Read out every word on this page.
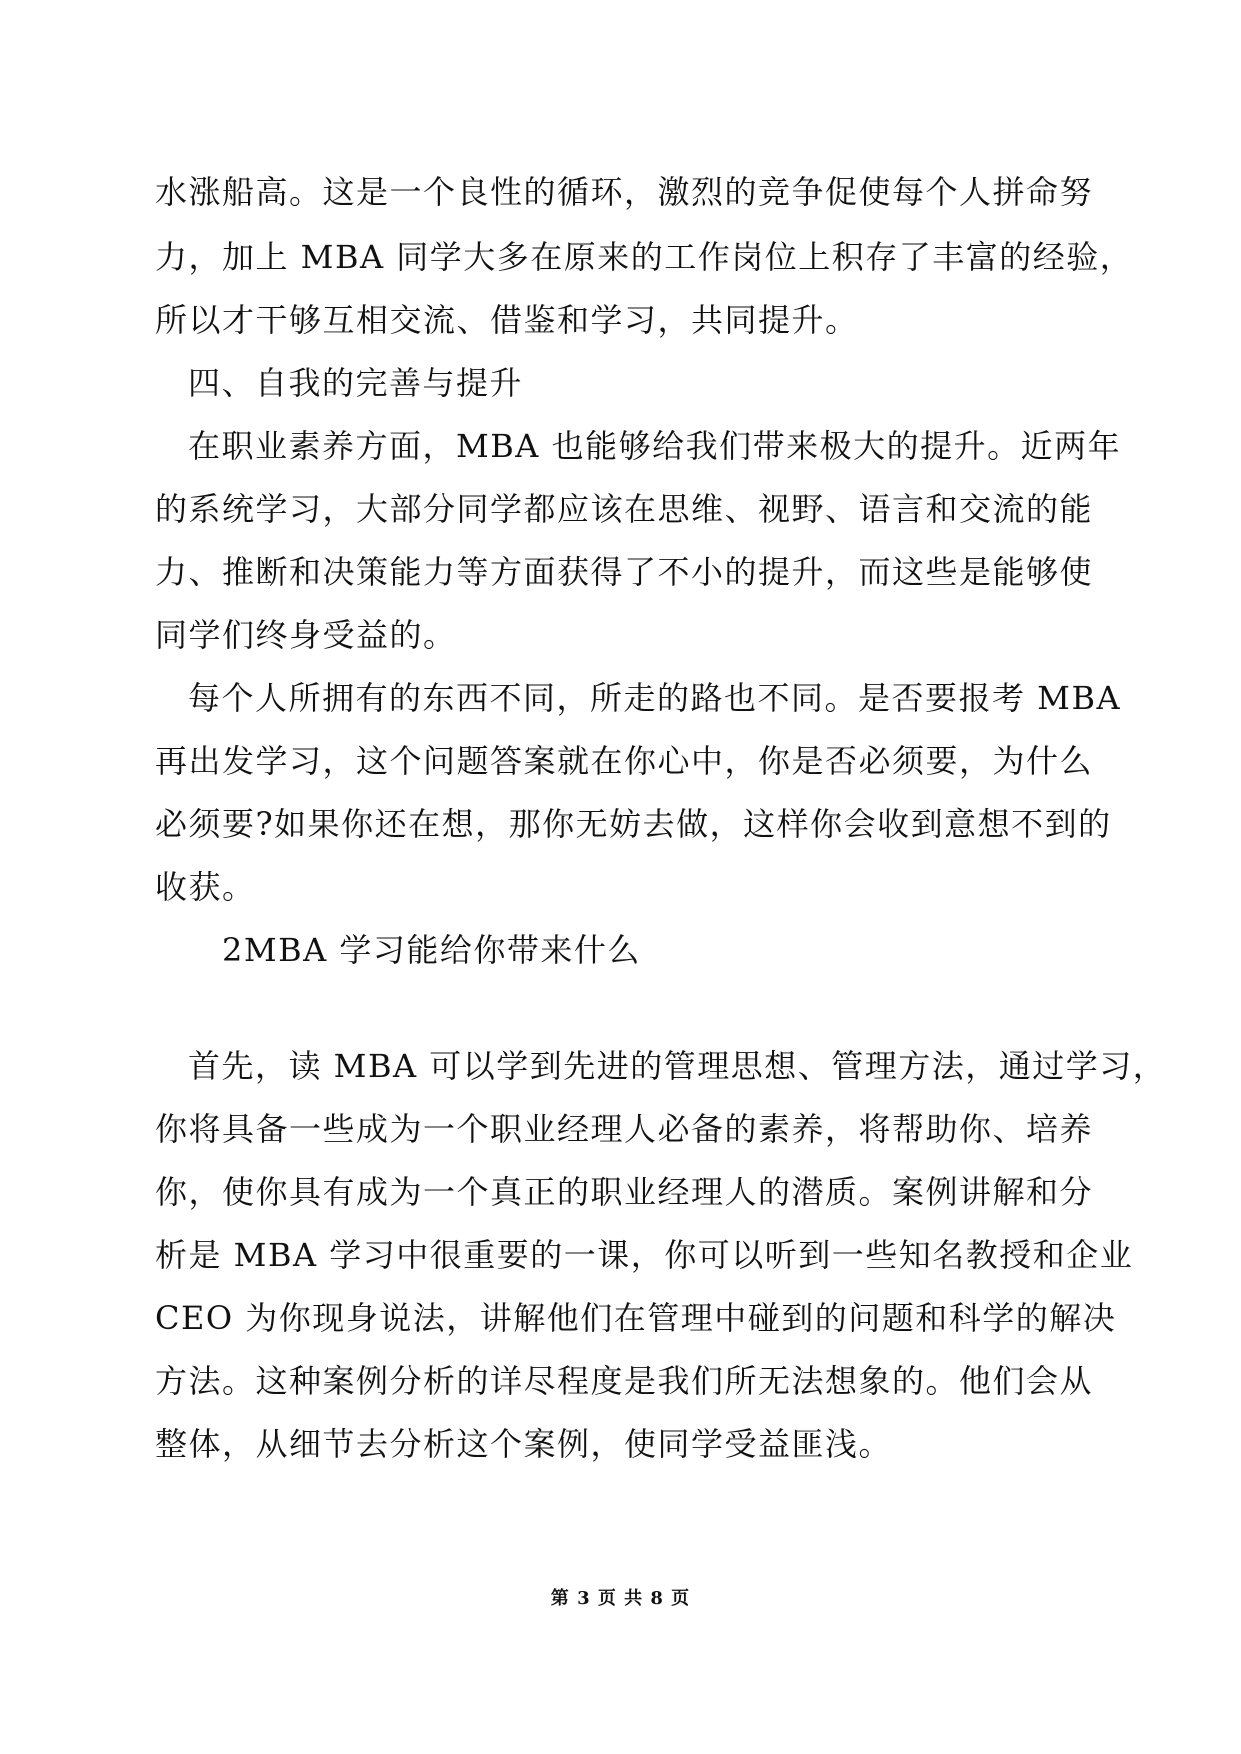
水涨船高。这是一个良性的循环，激烈的竞争促使每个人拼命努
力，加上 MBA 同学大多在原来的工作岗位上积存了丰富的经验，
所以才干够互相交流、借鉴和学习，共同提升。
四、自我的完善与提升
在职业素养方面，MBA 也能够给我们带来极大的提升。近两年
的系统学习，大部分同学都应该在思维、视野、语言和交流的能
力、推断和决策能力等方面获得了不小的提升，而这些是能够使
同学们终身受益的。
每个人所拥有的东西不同，所走的路也不同。是否要报考 MBA
再出发学习，这个问题答案就在你心中，你是否必须要，为什么
必须要?如果你还在想，那你无妨去做，这样你会收到意想不到的
收获。
2MBA 学习能给你带来什么
首先，读 MBA 可以学到先进的管理思想、管理方法，通过学习，
你将具备一些成为一个职业经理人必备的素养，将帮助你、培养
你，使你具有成为一个真正的职业经理人的潜质。案例讲解和分
析是 MBA 学习中很重要的一课，你可以听到一些知名教授和企业
CEO 为你现身说法，讲解他们在管理中碰到的问题和科学的解决
方法。这种案例分析的详尽程度是我们所无法想象的。他们会从
整体，从细节去分析这个案例，使同学受益匪浅。
第 3 页 共 8 页
